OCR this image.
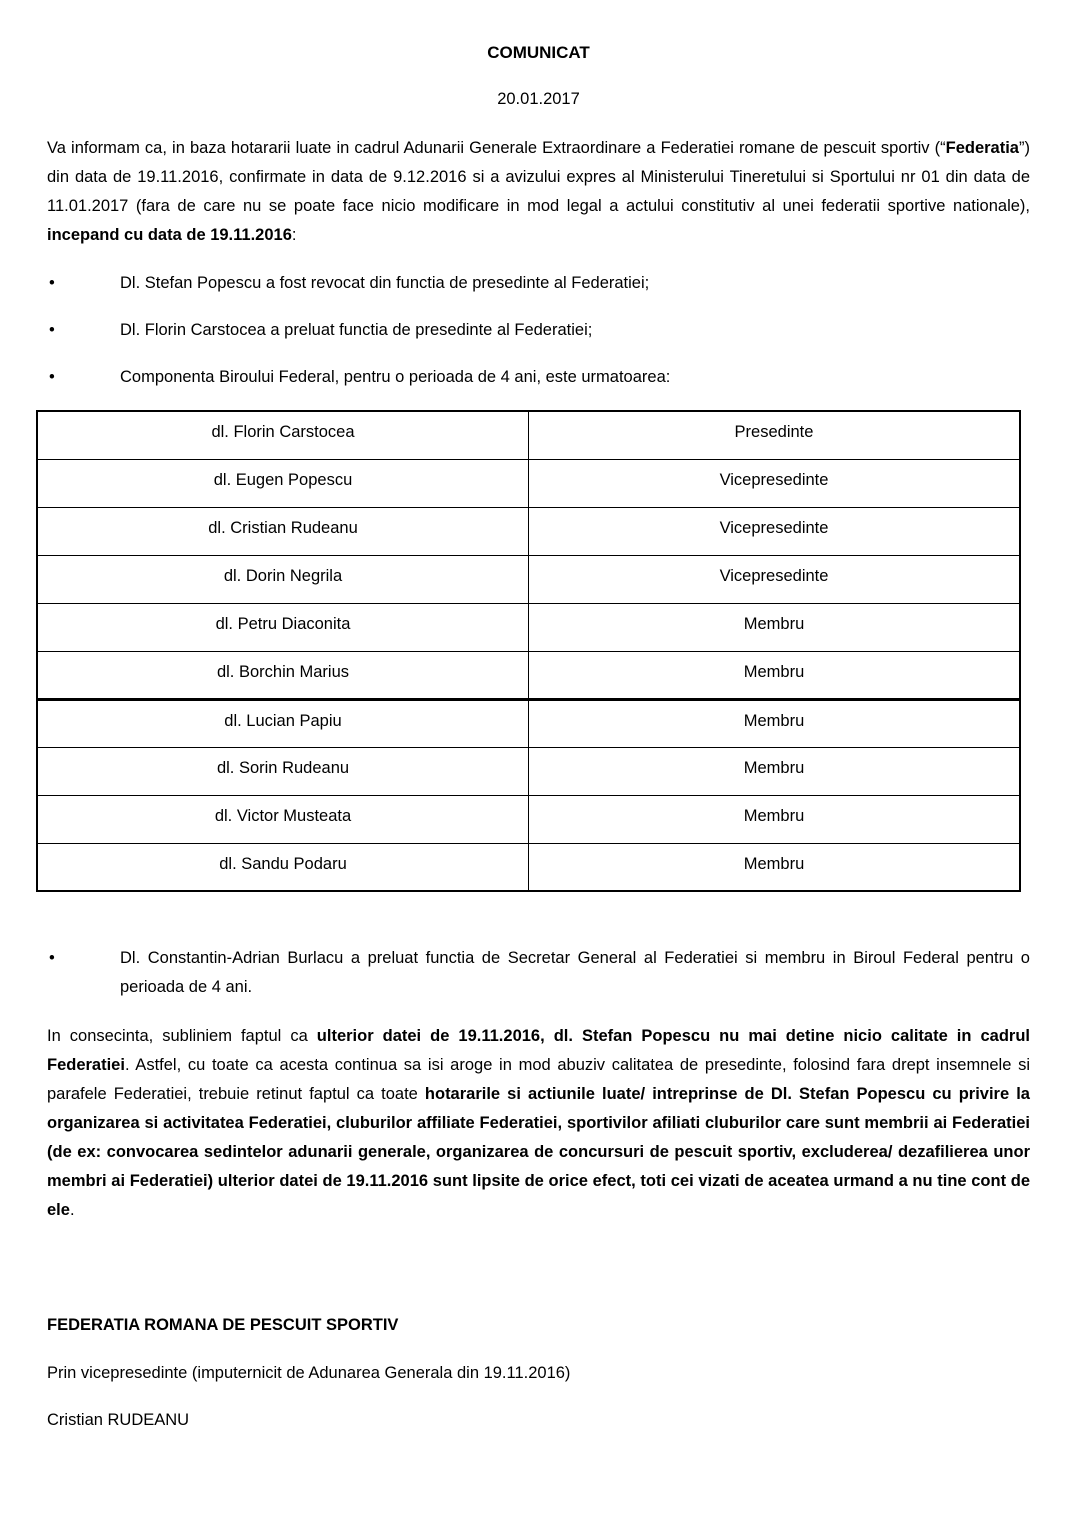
COMUNICAT
20.01.2017

Va informam ca, in baza hotararii luate in cadrul Adunarii Generale Extraordinare a Federatiei romane de pescuit sportiv (“Federatia”) din data de 19.11.2016, confirmate in data de 9.12.2016 si a avizului expres al Ministerului Tineretului si Sportului nr 01 din data de 11.01.2017 (fara de care nu se poate face nicio modificare in mod legal a actului constitutiv al unei federatii sportive nationale), incepand cu data de 19.11.2016:

•	Dl. Stefan Popescu a fost revocat din functia de presedinte al Federatiei;
•	Dl. Florin Carstocea a preluat functia de presedinte al Federatiei;
•	Componenta Biroului Federal, pentru o perioada de 4 ani, este urmatoarea:
dl. Florin Carstocea	Presedinte
dl. Eugen Popescu	Vicepresedinte
dl. Cristian Rudeanu	Vicepresedinte
dl. Dorin Negrila	Vicepresedinte
dl. Petru Diaconita	Membru
dl. Borchin Marius	Membru
dl. Lucian Papiu	Membru
dl. Sorin Rudeanu	Membru
dl. Victor Musteata	Membru
dl. Sandu Podaru	Membru
•	Dl. Constantin-Adrian Burlacu a preluat functia de Secretar General al Federatiei si membru in Biroul Federal pentru o perioada de 4 ani.

In consecinta, subliniem faptul ca ulterior datei de 19.11.2016, dl. Stefan Popescu nu mai detine nicio calitate in cadrul Federatiei. Astfel, cu toate ca acesta continua sa isi aroge in mod abuziv calitatea de presedinte, folosind fara drept insemnele si parafele Federatiei, trebuie retinut faptul ca toate hotararile si actiunile luate/ intreprinse de Dl. Stefan Popescu cu privire la organizarea si activitatea Federatiei, cluburilor affiliate Federatiei, sportivilor afiliati cluburilor care sunt membrii ai Federatiei (de ex: convocarea sedintelor adunarii generale, organizarea de concursuri de pescuit sportiv, excluderea/ dezafilierea unor membri ai Federatiei) ulterior datei de 19.11.2016 sunt lipsite de orice efect, toti cei vizati de aceatea urmand a nu tine cont de ele.

FEDERATIA ROMANA DE PESCUIT SPORTIV
Prin vicepresedinte (imputernicit de Adunarea Generala din 19.11.2016)
Cristian RUDEANU
